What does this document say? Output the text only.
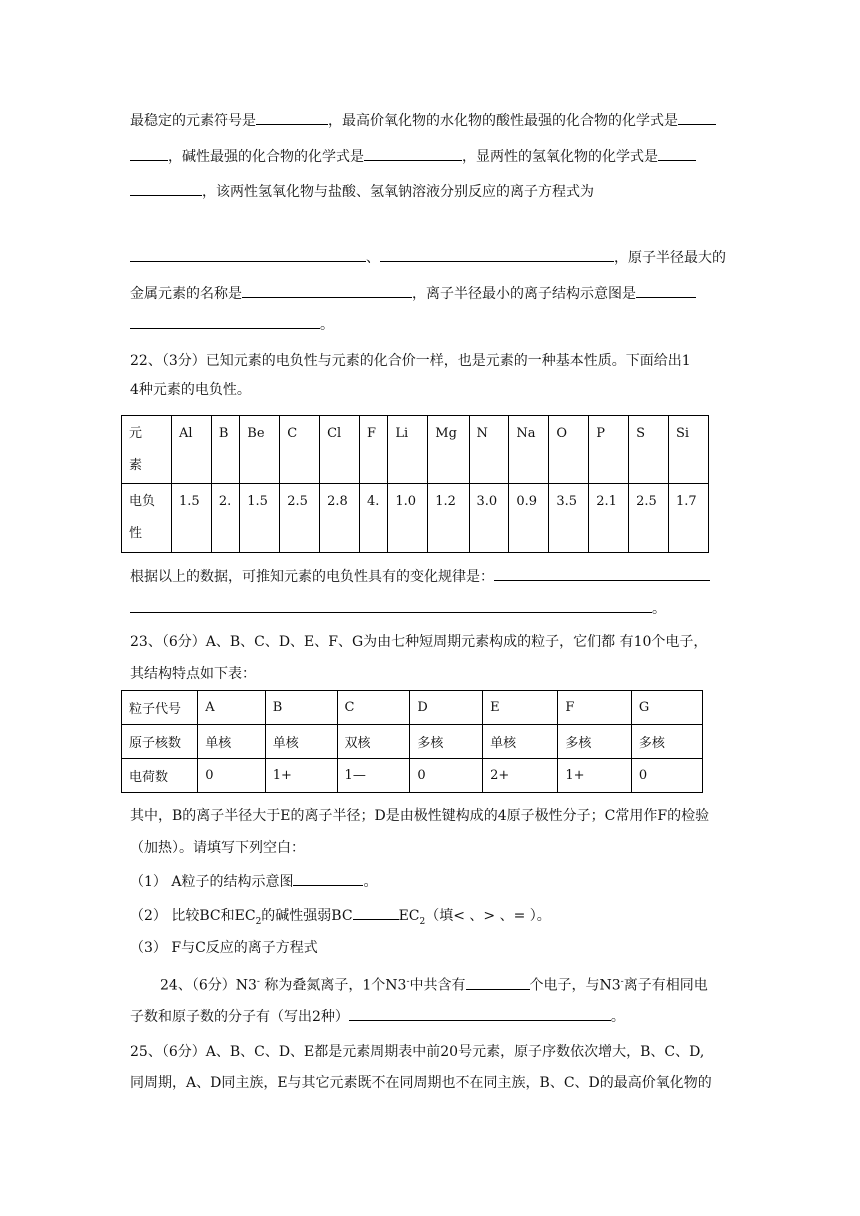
最稳定的元素符号是	，最高价氧化物的水化物的酸性最强的化合物的化学式是
，碱性最强的化合物的化学式是	，显两性的氢氧化物的化学式是
，该两性氢氧化物与盐酸、氢氧钠溶液分别反应的离子方程式为
、	，原子半径最大的
金属元素的名称是	，离子半径最小的离子结构示意图是
。
22、（3分）已知元素的电负性与元素的化合价一样，也是元素的一种基本性质。下面给出1
4种元素的电负性。
元
素	Al	B	Be	C	Cl	F	Li	Mg	N	Na	O	P	S	Si
电负
性	1.5	2.	1.5	2.5	2.8	4.	1.0	1.2	3.0	0.9	3.5	2.1	2.5	1.7
根据以上的数据，可推知元素的电负性具有的变化规律是：
。
23、（6分）A、B、C、D、E、F、G为由七种短周期元素构成的粒子，它们都 有10个电子，
其结构特点如下表：
粒子代号	A	B	C	D	E	F	G
原子核数	单核	单核	双核	多核	单核	多核	多核
电荷数	0	1+	1—	0	2+	1+	0
其中，B的离子半径大于E的离子半径；D是由极性键构成的4原子极性分子；C常用作F的检验
（加热）。请填写下列空白：
（1） A粒子的结构示意图	。
（2） 比较BC和$EC_2$的碱性强弱BC	$EC_2$（填< 、> 、= ）。
（3） F与C反应的离子方程式
24、（6分）N3- 称为叠氮离子，1个N3-中共含有	个电子，与N3-离子有相同电
子数和原子数的分子有（写出2种）	。
25、（6分）A、B、C、D、E都是元素周期表中前20号元素，原子序数依次增大，B、C、D,
同周期，A、D同主族，E与其它元素既不在同周期也不在同主族，B、C、D的最高价氧化物的
